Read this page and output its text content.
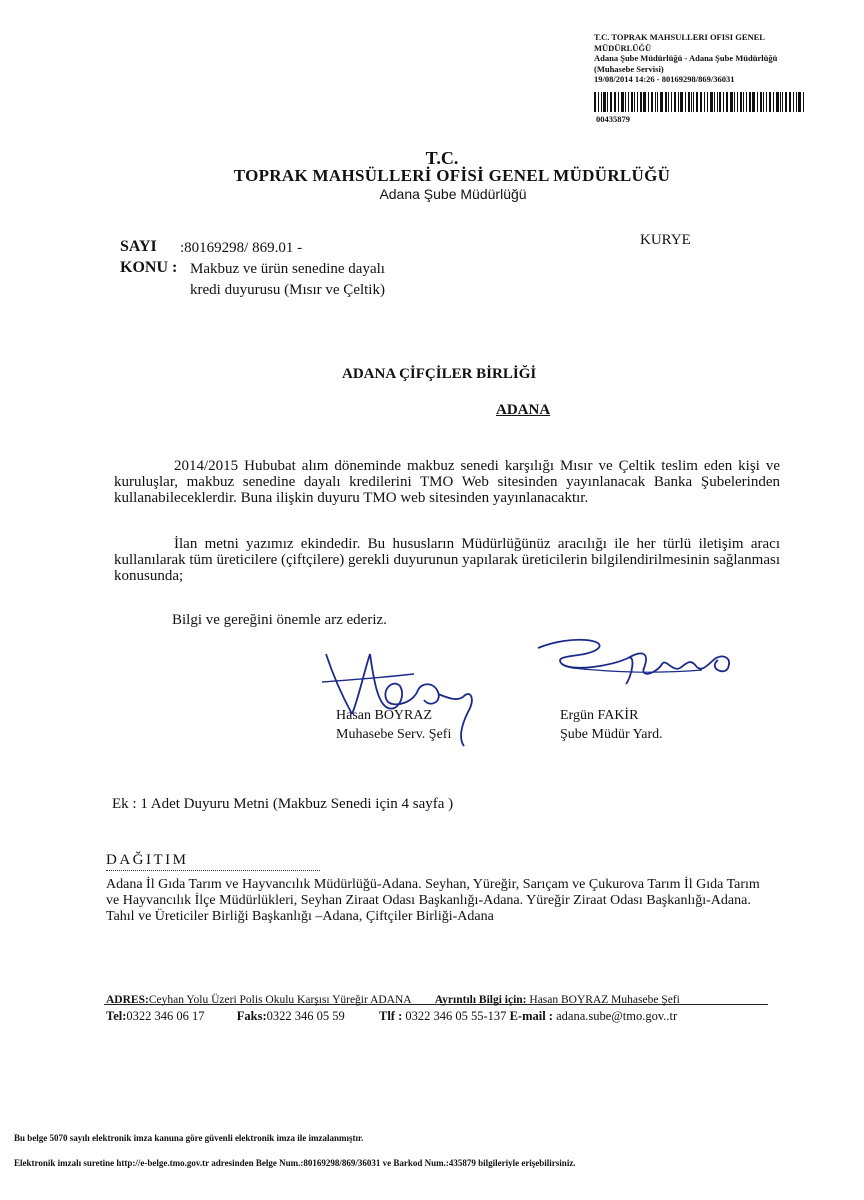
T.C. TOPRAK MAHSULLERI OFISI GENEL
MÜDÜRLÜĞÜ
Adana Şube Müdürlüğü - Adana Şube Müdürlüğü
(Muhasebe Servisi)
19/08/2014 14:26 - 80169298/869/36031
00435879
T.C.
TOPRAK MAHSÜLLERİ OFİSİ GENEL MÜDÜRLÜĞÜ
Adana Şube Müdürlüğü
KURYE
SAYI :80169298/ 869.01 -
KONU : Makbuz ve ürün senedine dayalı
kredi duyurusu (Mısır ve Çeltik)
ADANA ÇİFÇİLER BİRLİĞİ
ADANA

2014/2015 Hububat alım döneminde makbuz senedi karşılığı Mısır ve Çeltik teslim eden kişi ve kuruluşlar, makbuz senedine dayalı kredilerini TMO Web sitesinden yayınlanacak Banka Şubelerinden kullanabileceklerdir. Buna ilişkin duyuru TMO web sitesinden yayınlanacaktır.

İlan metni yazımız ekindedir. Bu hususların Müdürlüğünüz aracılığı ile her türlü iletişim aracı kullanılarak tüm üreticilere (çiftçilere) gerekli duyurunun yapılarak üreticilerin bilgilendirilmesinin sağlanması konusunda;

Bilgi ve gereğini önemle arz ederiz.

Hasan BOYRAZ
Muhasebe Serv. Şefi
Ergün FAKİR
Şube Müdür Yard.
Ek : 1 Adet Duyuru Metni (Makbuz Senedi için 4 sayfa )
DAĞITIM
Adana İl Gıda Tarım ve Hayvancılık Müdürlüğü-Adana. Seyhan, Yüreğir, Sarıçam ve Çukurova Tarım İl Gıda Tarım ve Hayvancılık İlçe Müdürlükleri, Seyhan Ziraat Odası Başkanlığı-Adana. Yüreğir Ziraat Odası Başkanlığı-Adana. Tahıl ve Üreticiler Birliği Başkanlığı –Adana, Çiftçiler Birliği-Adana
ADRES:Ceyhan Yolu Üzeri Polis Okulu Karşısı Yüreğir ADANA Ayrıntılı Bilgi için: Hasan BOYRAZ Muhasebe Şefi
Tel:0322 346 06 17	Faks:0322 346 05 59	Tlf : 0322 346 05 55-137 E-mail : adana.sube@tmo.gov..tr
Bu belge 5070 sayılı elektronik imza kanuna göre güvenli elektronik imza ile imzalanmıştır.
Elektronik imzalı suretine http://e-belge.tmo.gov.tr adresinden Belge Num.:80169298/869/36031 ve Barkod Num.:435879 bilgileriyle erişebilirsiniz.
